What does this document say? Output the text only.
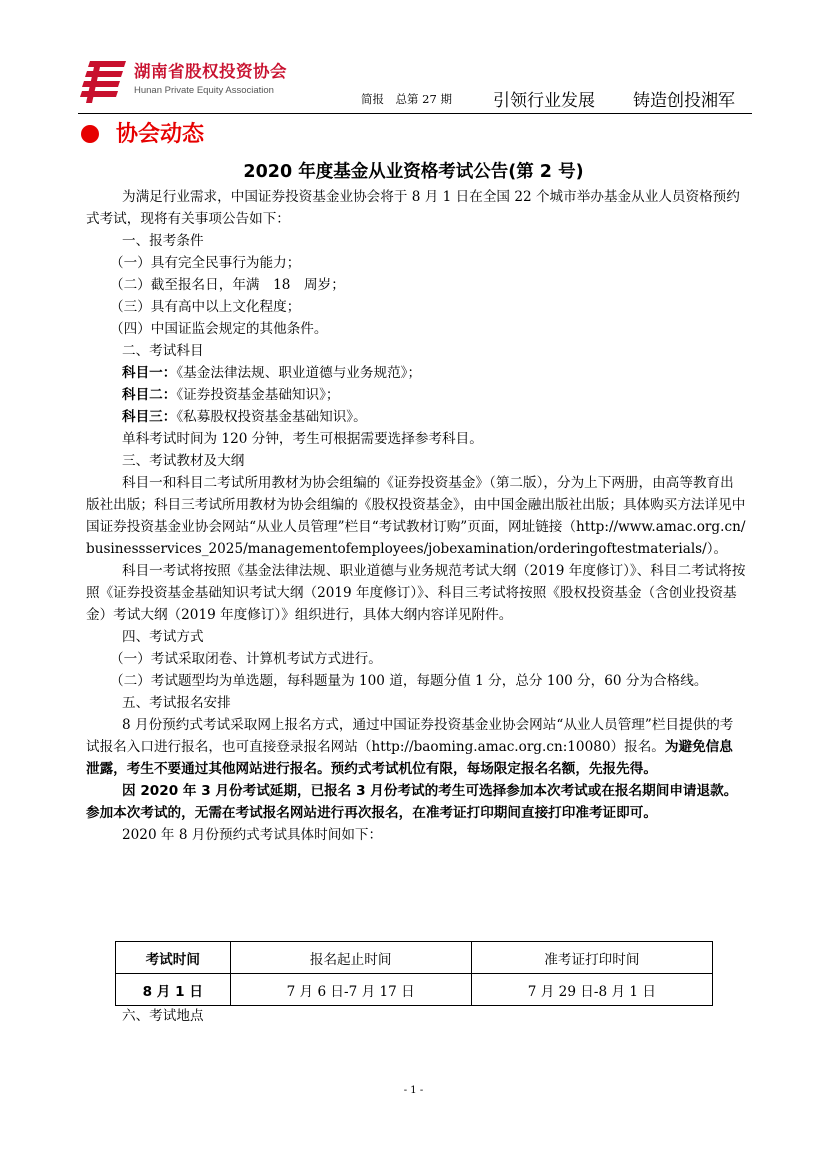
湖南省股权投资协会
Hunan Private Equity Association
简报　总第 27 期 引领行业发展 铸造创投湘军
协会动态
2020 年度基金从业资格考试公告(第 2 号)

为满足行业需求，中国证券投资基金业协会将于 8 月 1 日在全国 22 个城市举办基金从业人员资格预约式考试，现将有关事项公告如下：

一、报考条件

（一）具有完全民事行为能力；

（二）截至报名日，年满　18　周岁；

（三）具有高中以上文化程度；

（四）中国证监会规定的其他条件。

二、考试科目

科目一：《基金法律法规、职业道德与业务规范》；

科目二：《证券投资基金基础知识》；

科目三：《私募股权投资基金基础知识》。

单科考试时间为 120 分钟，考生可根据需要选择参考科目。

三、考试教材及大纲

科目一和科目二考试所用教材为协会组编的《证券投资基金》（第二版），分为上下两册，由高等教育出版社出版；科目三考试所用教材为协会组编的《股权投资基金》，由中国金融出版社出版；具体购买方法详见中国证券投资基金业协会网站“从业人员管理”栏目“考试教材订购”页面，网址链接（http://www.amac.org.cn/businessservices_2025/managementofemployees/jobexamination/orderingoftestmaterials/）。

科目一考试将按照《基金法律法规、职业道德与业务规范考试大纲（2019 年度修订）》、科目二考试将按照《证券投资基金基础知识考试大纲（2019 年度修订）》、科目三考试将按照《股权投资基金（含创业投资基金）考试大纲（2019 年度修订）》组织进行，具体大纲内容详见附件。

四、考试方式

（一）考试采取闭卷、计算机考试方式进行。

（二）考试题型均为单选题，每科题量为 100 道，每题分值 1 分，总分 100 分，60 分为合格线。

五、考试报名安排

8 月份预约式考试采取网上报名方式，通过中国证券投资基金业协会网站“从业人员管理”栏目提供的考试报名入口进行报名，也可直接登录报名网站（http://baoming.amac.org.cn:10080）报名。为避免信息泄露，考生不要通过其他网站进行报名。预约式考试机位有限，每场限定报名名额，先报先得。

因 2020 年 3 月份考试延期，已报名 3 月份考试的考生可选择参加本次考试或在报名期间申请退款。参加本次考试的，无需在考试报名网站进行再次报名，在准考证打印期间直接打印准考证即可。

2020 年 8 月份预约式考试具体时间如下：

考试时间	报名起止时间	准考证打印时间
8 月 1 日	7 月 6 日-7 月 17 日	7 月 29 日-8 月 1 日
六、考试地点
- 1 -
